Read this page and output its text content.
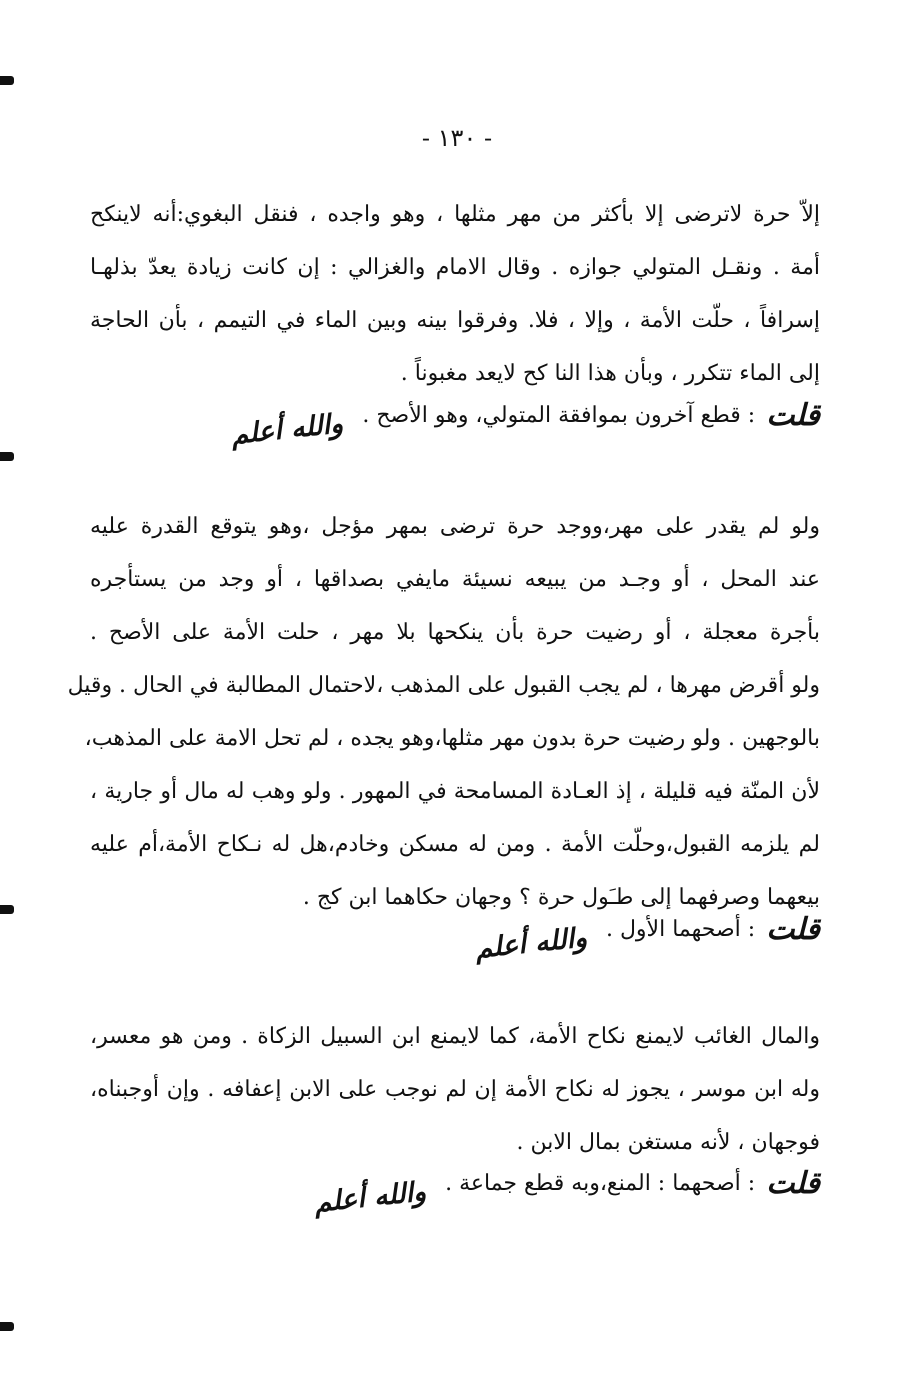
- ١٣٠ -
إلاّ حرة لاترضى إلا بأكثر من مهر مثلها ، وهو واجده ، فنقل البغوي:أنه لاينكح
أمة . ونقـل المتولي جوازه . وقال الامام والغزالي : إن كانت زيادة يعدّ بذلهـا
إسرافاً ، حلّت الأمة ، وإلا ، فلا. وفرقوا بينه وبين الماء في التيمم ، بأن الحاجة
إلى الماء تتكرر ، وبأن هذا النا كح لايعد مغبوناً .
قلت : قطع آخرون بموافقة المتولي، وهو الأصح . والله أعلم
ولو لم يقدر على مهر،ووجد حرة ترضى بمهر مؤجل ،وهو يتوقع القدرة عليه
عند المحل ، أو وجـد من يبيعه نسيئة مايفي بصداقها ، أو وجد من يستأجره
بأجرة معجلة ، أو رضيت حرة بأن ينكحها بلا مهر ، حلت الأمة على الأصح .
ولو أقرض مهرها ، لم يجب القبول على المذهب ،لاحتمال المطالبة في الحال . وقيل
بالوجهين . ولو رضيت حرة بدون مهر مثلها،وهو يجده ، لم تحل الامة على المذهب،
لأن المنّة فيه قليلة ، إذ العـادة المسامحة في المهور . ولو وهب له مال أو جارية ،
لم يلزمه القبول،وحلّت الأمة . ومن له مسكن وخادم،هل له نـكاح الأمة،أم عليه
بيعهما وصرفهما إلى طـَول حرة ؟ وجهان حكاهما ابن كج .
قلت : أصحهما الأول . والله أعلم
والمال الغائب لايمنع نكاح الأمة، كما لايمنع ابن السبيل الزكاة . ومن هو معسر،
وله ابن موسر ، يجوز له نكاح الأمة إن لم نوجب على الابن إعفافه . وإن أوجبناه،
فوجهان ، لأنه مستغن بمال الابن .
قلت : أصحهما : المنع،وبه قطع جماعة . والله أعلم
